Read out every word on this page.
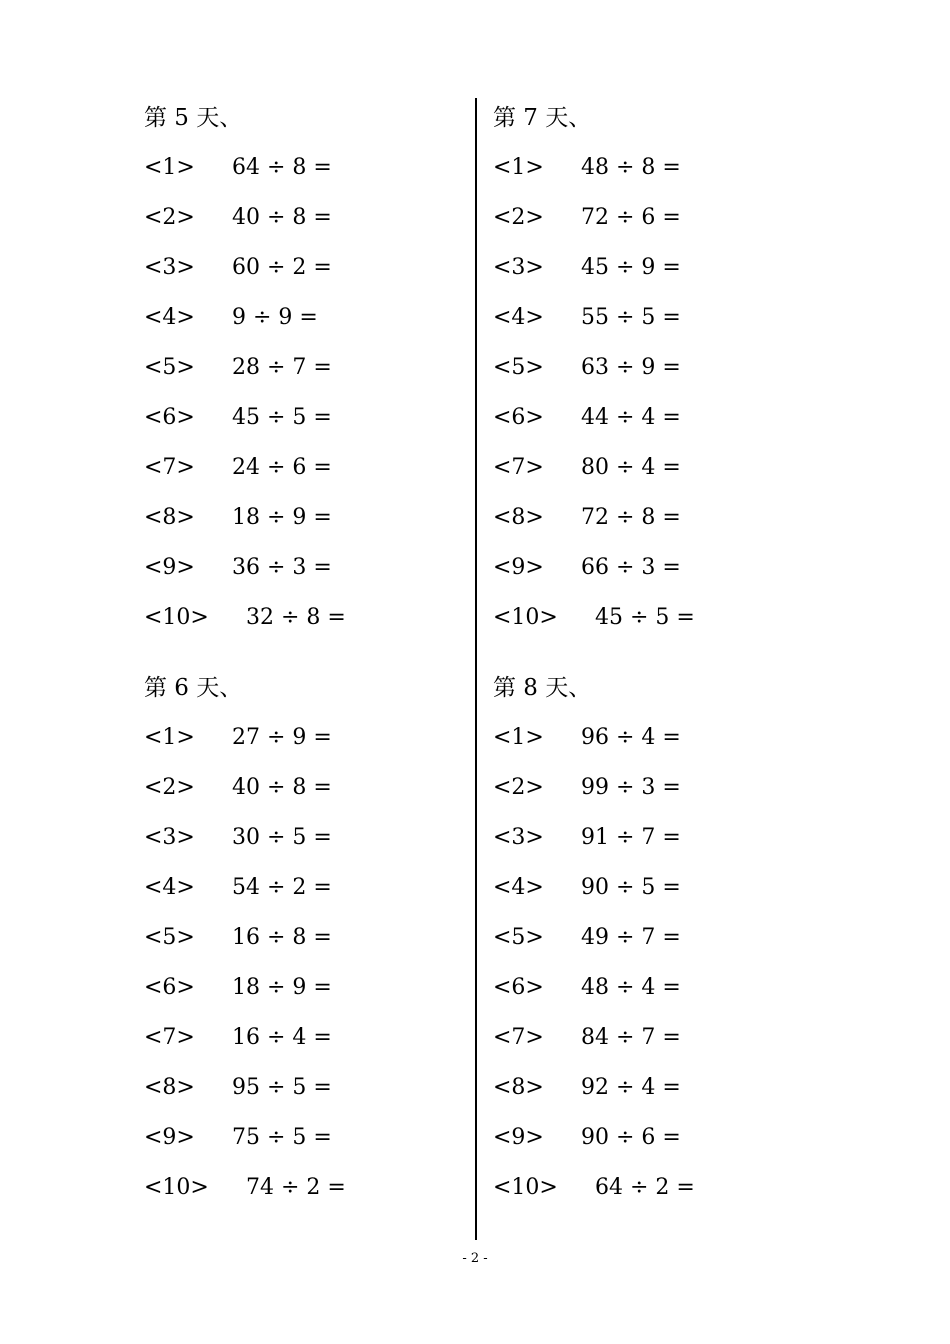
第 5 天、
<1> 64 ÷ 8 =
<2> 40 ÷ 8 =
<3> 60 ÷ 2 =
<4> 9 ÷ 9 =
<5> 28 ÷ 7 =
<6> 45 ÷ 5 =
<7> 24 ÷ 6 =
<8> 18 ÷ 9 =
<9> 36 ÷ 3 =
<10> 32 ÷ 8 =
第 6 天、
<1> 27 ÷ 9 =
<2> 40 ÷ 8 =
<3> 30 ÷ 5 =
<4> 54 ÷ 2 =
<5> 16 ÷ 8 =
<6> 18 ÷ 9 =
<7> 16 ÷ 4 =
<8> 95 ÷ 5 =
<9> 75 ÷ 5 =
<10> 74 ÷ 2 =
第 7 天、
<1> 48 ÷ 8 =
<2> 72 ÷ 6 =
<3> 45 ÷ 9 =
<4> 55 ÷ 5 =
<5> 63 ÷ 9 =
<6> 44 ÷ 4 =
<7> 80 ÷ 4 =
<8> 72 ÷ 8 =
<9> 66 ÷ 3 =
<10> 45 ÷ 5 =
第 8 天、
<1> 96 ÷ 4 =
<2> 99 ÷ 3 =
<3> 91 ÷ 7 =
<4> 90 ÷ 5 =
<5> 49 ÷ 7 =
<6> 48 ÷ 4 =
<7> 84 ÷ 7 =
<8> 92 ÷ 4 =
<9> 90 ÷ 6 =
<10> 64 ÷ 2 =
- 2 -
